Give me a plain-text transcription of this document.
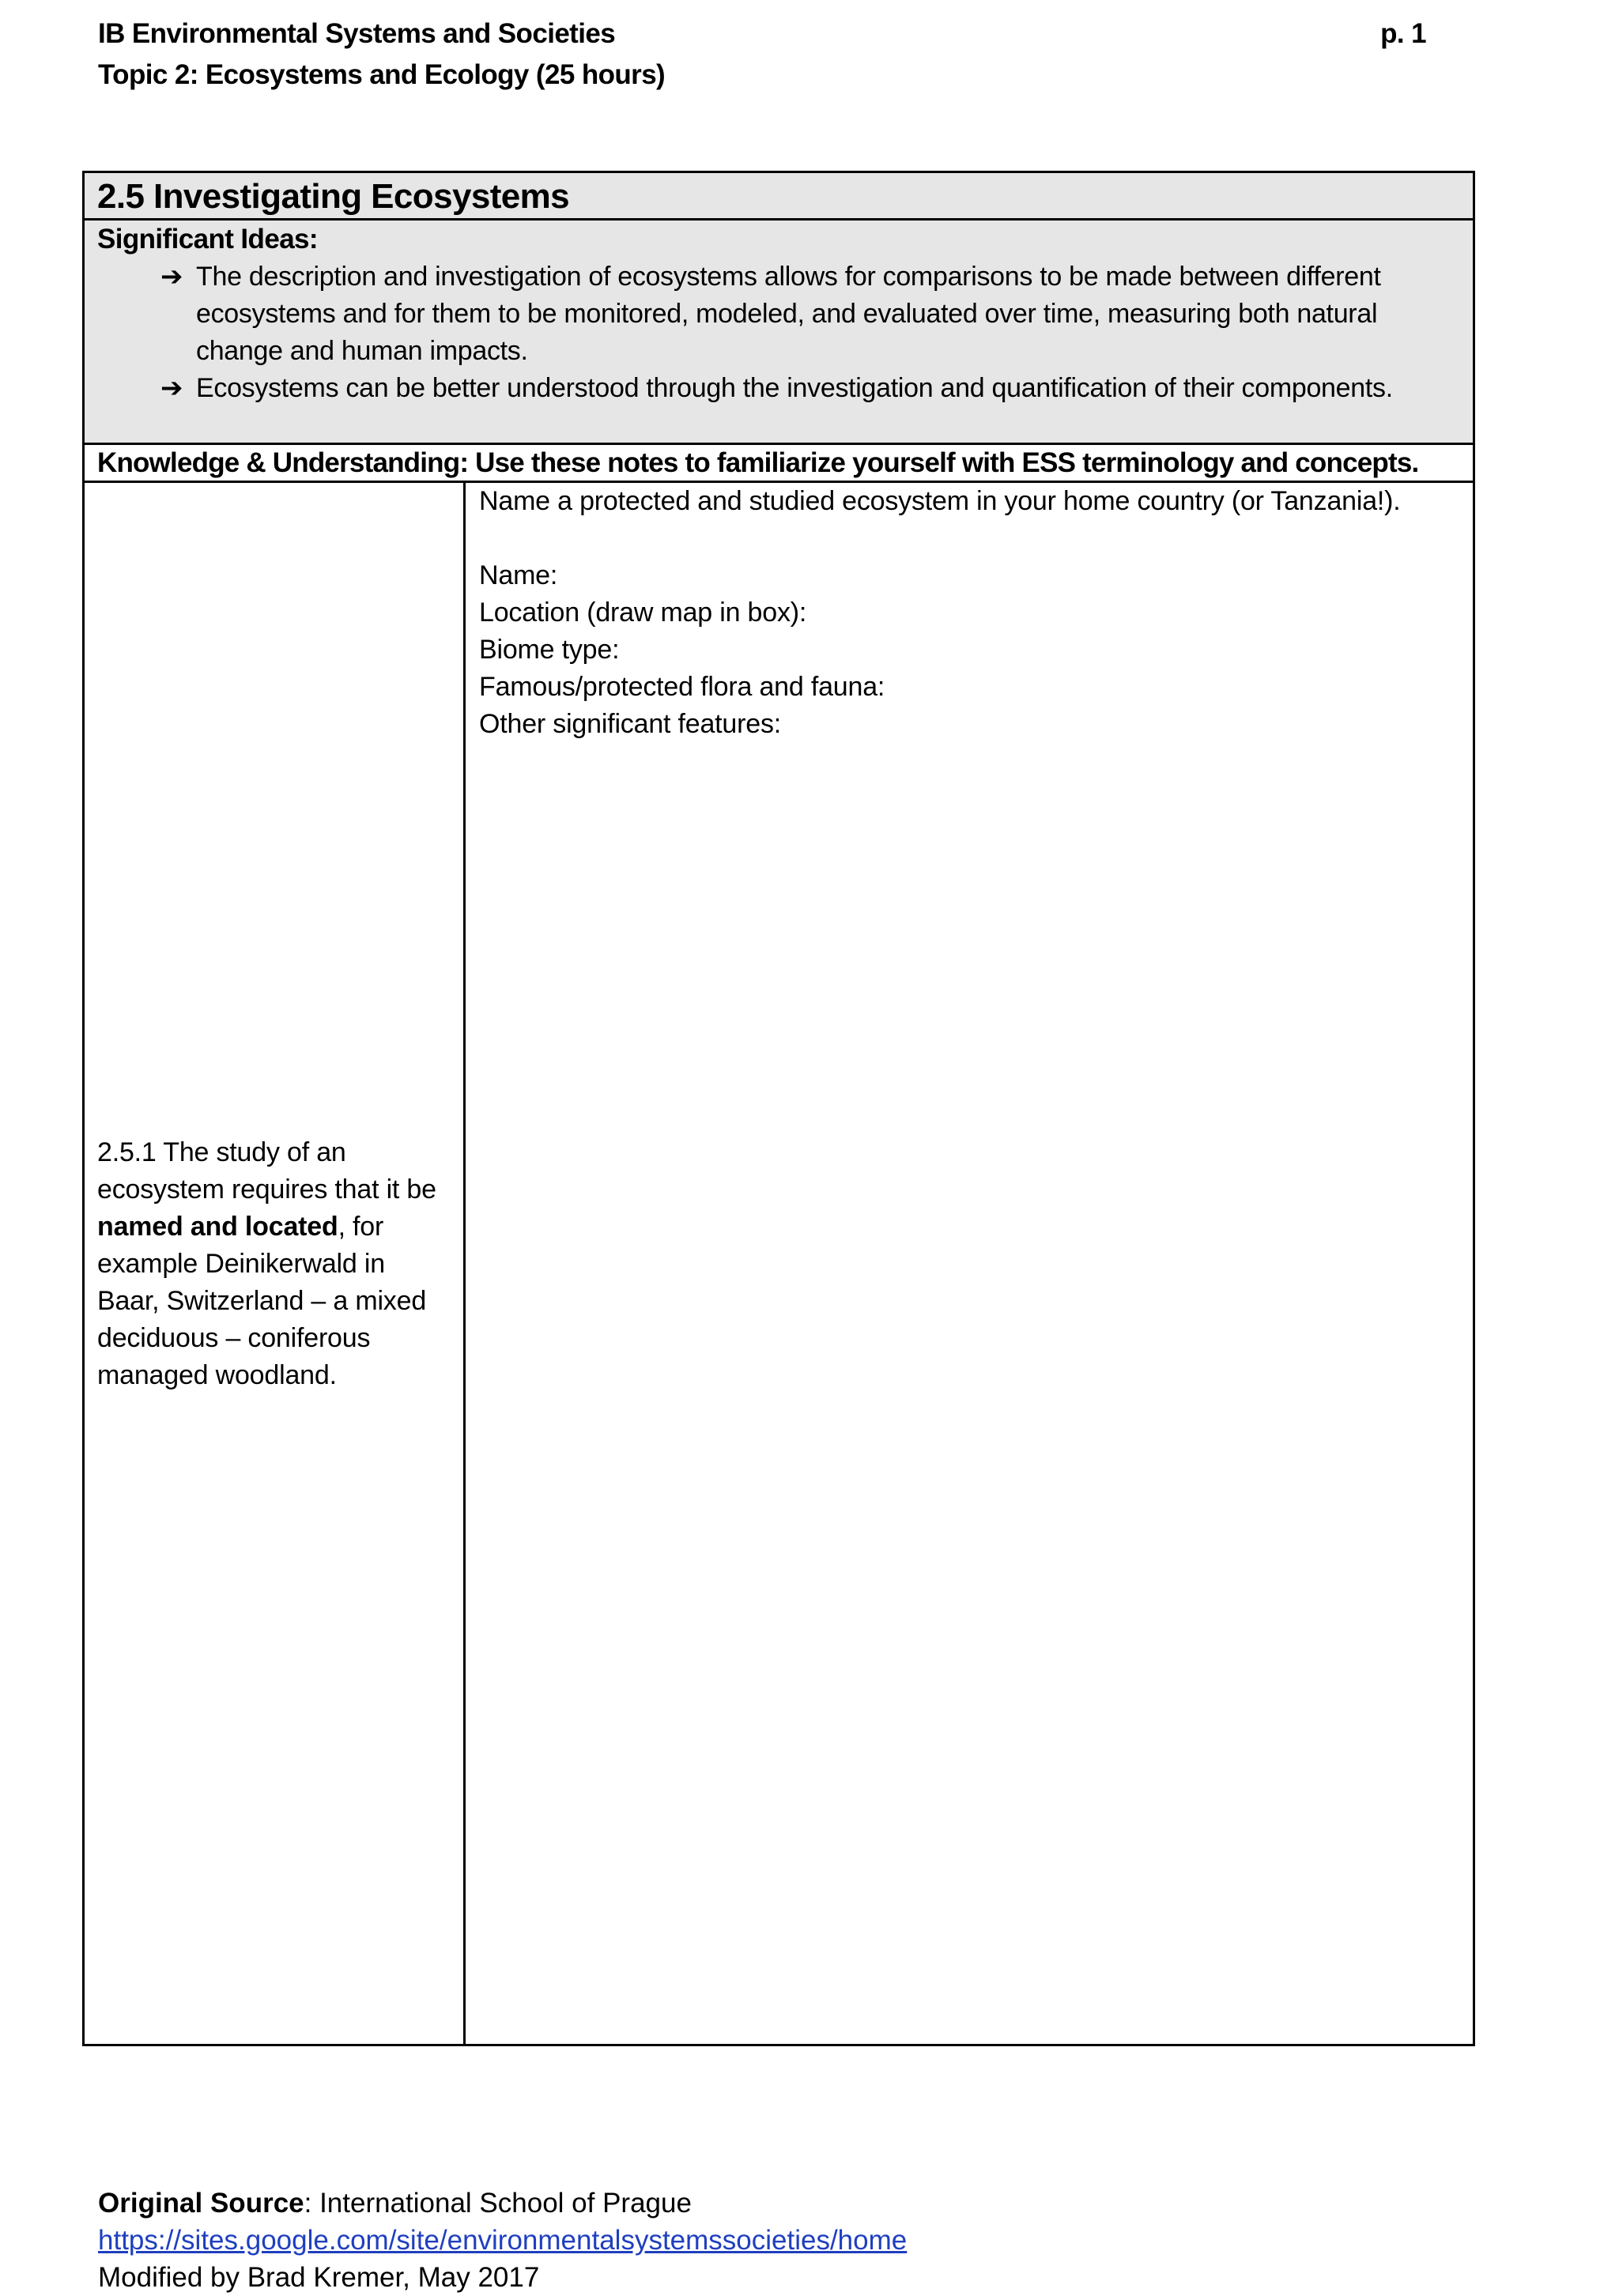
IB Environmental Systems and Societies
Topic 2: Ecosystems and Ecology (25 hours)
p. 1
2.5 Investigating Ecosystems
Significant Ideas:
➔ The description and investigation of ecosystems allows for comparisons to be made between different ecosystems and for them to be monitored, modeled, and evaluated over time, measuring both natural change and human impacts.
➔ Ecosystems can be better understood through the investigation and quantification of their components.
Knowledge & Understanding: Use these notes to familiarize yourself with ESS terminology and concepts.
2.5.1 The study of an ecosystem requires that it be named and located, for example Deinikerwald in Baar, Switzerland – a mixed deciduous – coniferous managed woodland.
Name a protected and studied ecosystem in your home country (or Tanzania!).
Name:
Location (draw map in box):
Biome type:
Famous/protected flora and fauna:
Other significant features:
Original Source: International School of Prague
https://sites.google.com/site/environmentalsystemssocieties/home
Modified by Brad Kremer, May 2017
